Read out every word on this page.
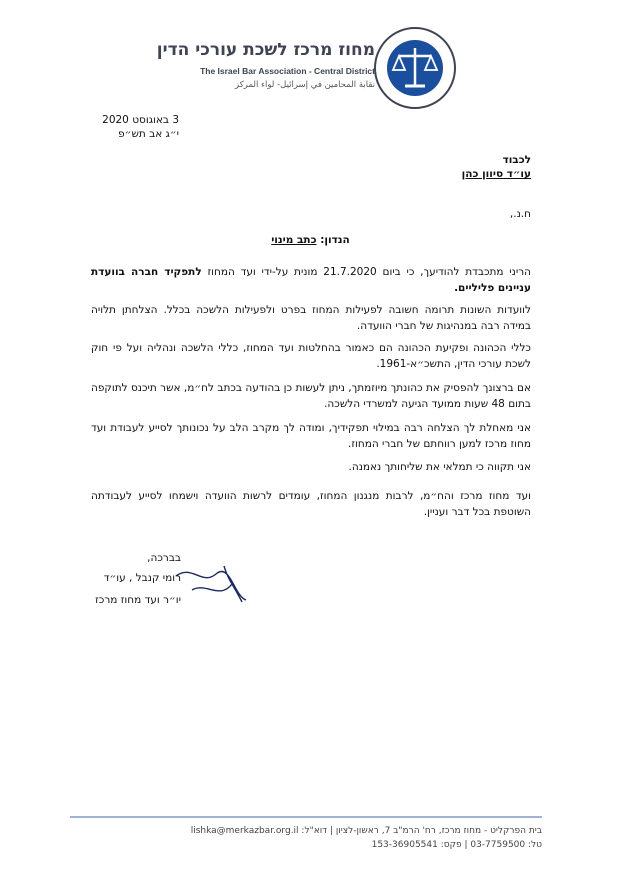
מחוז מרכז לשכת עורכי הדין
The Israel Bar Association - Central District
نقابة المحامين في إسرائيل- لواء المركز
3 באוגוסט 2020
י״ג אב תש״פ
לכבוד
עו״ד סיוון כהן
ח.נ.,
הנדון: כתב מינוי
הריני מתכבדת להודיעך, כי ביום 21.7.2020 מונית על-ידי ועד המחוז לתפקיד חברה בוועדת עניינים פליליים.
לוועדות השונות תרומה חשובה לפעילות המחוז בפרט ולפעילות הלשכה בכלל. הצלחתן תלויה במידה רבה במנהיגות של חברי הוועדה.
כללי הכהונה ופקיעת הכהונה הם כאמור בהחלטות ועד המחוז, כללי הלשכה ונהליה ועל פי חוק לשכת עורכי הדין, התשכ״א-1961.
אם ברצונך להפסיק את כהונתך מיוזמתך, ניתן לעשות כן בהודעה בכתב לח״מ, אשר תיכנס לתוקפה בתום 48 שעות ממועד הגיעה למשרדי הלשכה.
אני מאחלת לך הצלחה רבה במילוי תפקידיך, ומודה לך מקרב הלב על נכונותך לסייע לעבודת ועד מחוז מרכז למען רווחתם של חברי המחוז.
אני תקווה כי תמלאי את שליחותך נאמנה.
ועד מחוז מרכז והח״מ, לרבות מנגנון המחוז, עומדים לרשות הוועדה וישמחו לסייע לעבודתה השוטפת בכל דבר ועניין.
בברכה,
רומי קנבל , עו״ד
יו״ר ועד מחוז מרכז
בית הפרקליט - מחוז מרכז, רח' הרמ"ב 7, ראשון-לציון | דוא"ל: lishka@merkazbar.org.il
טל: 03-7759500 | פקס: 153-36905541
